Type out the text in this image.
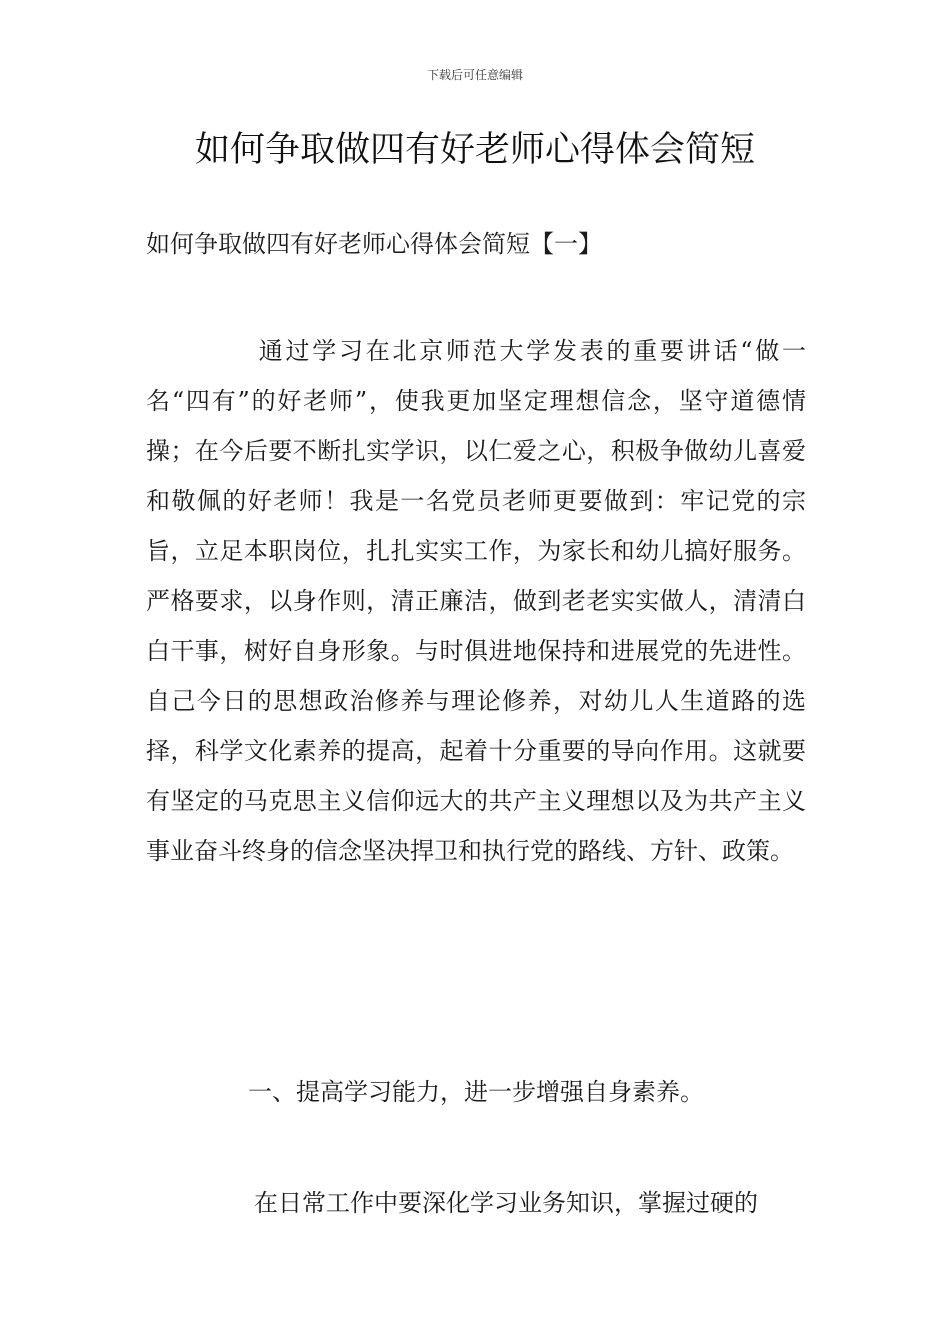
下载后可任意编辑
如何争取做四有好老师心得体会简短
如何争取做四有好老师心得体会简短【一】

通过学习在北京师范大学发表的重要讲话“做一名“四有”的好老师”，使我更加坚定理想信念，坚守道德情操；在今后要不断扎实学识，以仁爱之心，积极争做幼儿喜爱和敬佩的好老师！我是一名党员老师更要做到：牢记党的宗旨，立足本职岗位，扎扎实实工作，为家长和幼儿搞好服务。严格要求，以身作则，清正廉洁，做到老老实实做人，清清白白干事，树好自身形象。与时俱进地保持和进展党的先进性。自己今日的思想政治修养与理论修养，对幼儿人生道路的选择，科学文化素养的提高，起着十分重要的导向作用。这就要有坚定的马克思主义信仰远大的共产主义理想以及为共产主义事业奋斗终身的信念坚决捍卫和执行党的路线、方针、政策。

一、提高学习能力，进一步增强自身素养。

在日常工作中要深化学习业务知识，掌握过硬的
